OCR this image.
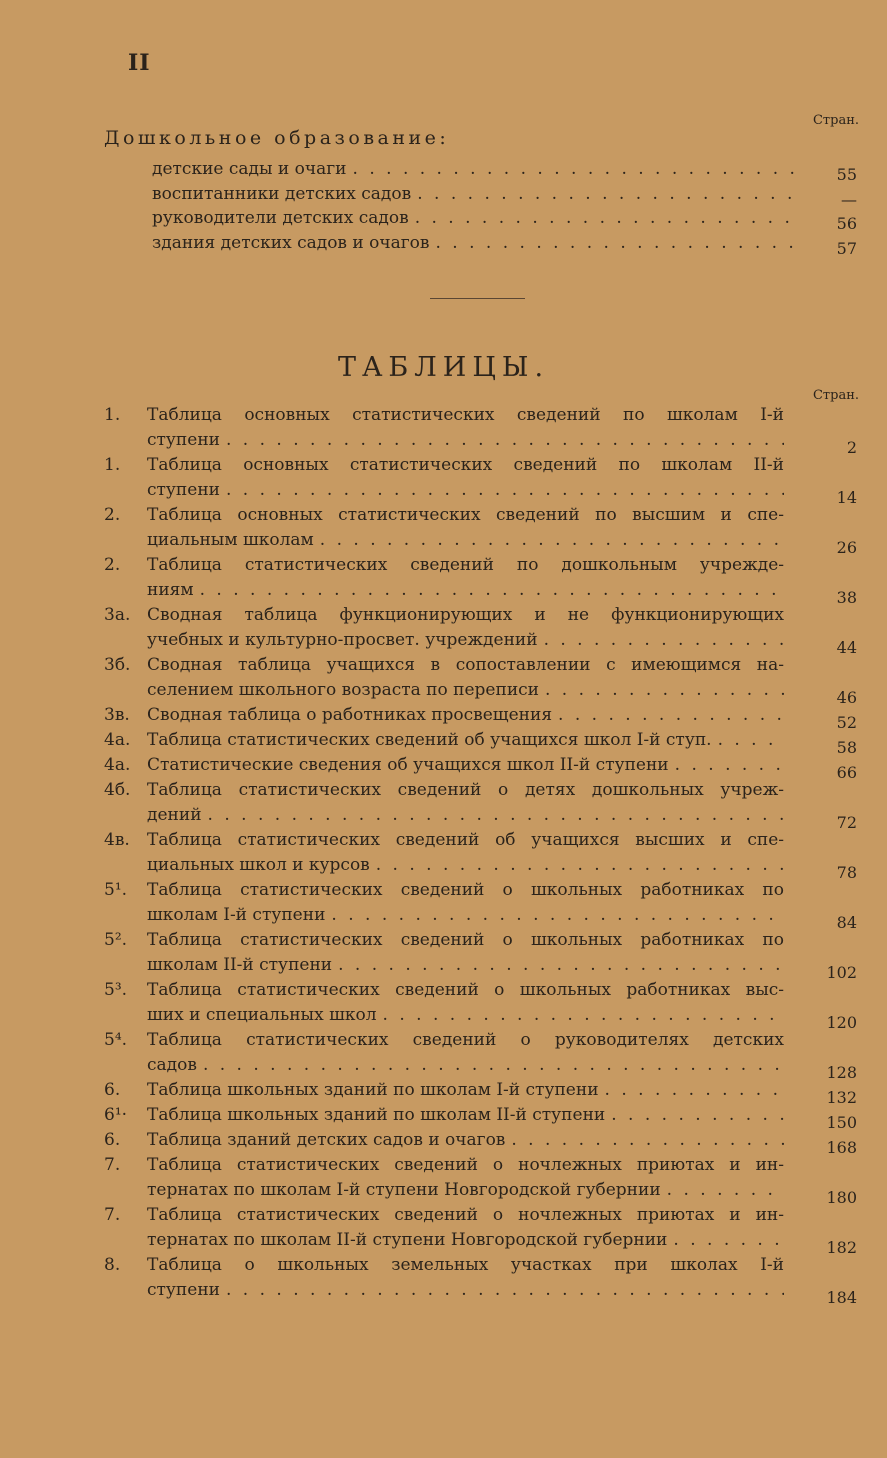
II
Стран.
Дошкольное образование:
детские сады и очаги . . .	55
воспитанники детских садов . . .	—
руководители детских садов . . .	56
здания детских садов и очагов . . .	57
ТАБЛИЦЫ.
Стран.
1.	Таблица основных статистических сведений по школам I-й
ступени . . .	2
1.	Таблица основных статистических сведений по школам II-й
ступени . . .	14
2.	Таблица основных статистических сведений по высшим и спе-
циальным школам . . .	26
2.	Таблица статистических сведений по дошкольным учрежде-
ниям . . .	38
3а. Сводная таблица функционирующих и не функционирующих
учебных и культурно-просвет. учреждений . . .	44
3б. Сводная таблица учащихся в сопоставлении с имеющимся на-
селением школьного возраста по переписи . . .	46
3в.	Сводная таблица о работниках просвещения . . .	52
4а. Таблица статистических сведений об учащихся школ I-й ступ. . . .	58
4а. Статистические сведения об учащихся школ II-й ступени . . .	66
4б. Таблица статистических сведений о детях дошкольных учреж-
дений . . .	72
4в.	Таблица статистических сведений об учащихся высших и спе-
циальных школ и курсов . . .	78
5¹.	Таблица статистических сведений о школьных работниках по
школам I-й ступени . . .	84
5².	Таблица статистических сведений о школьных работниках по
школам II-й ступени . . .	102
5³.	Таблица статистических сведений о школьных работниках выс-
ших и специальных школ . . .	120
5⁴.	Таблица статистических сведений о руководителях детских
садов . . .	128
6.	Таблица школьных зданий по школам I-й ступени . . .	132
6¹·	Таблица школьных зданий по школам II-й ступени . . .	150
6.	Таблица зданий детских садов и очагов . . .	168
7.	Таблица статистических сведений о ночлежных приютах и ин-
тернатах по школам I-й ступени Новгородской губернии . . .	180
7.	Таблица статистических сведений о ночлежных приютах и ин-
тернатах по школам II-й ступени Новгородской губернии . . .	182
8.	Таблица о школьных земельных участках при школах I-й
ступени . . .	184
